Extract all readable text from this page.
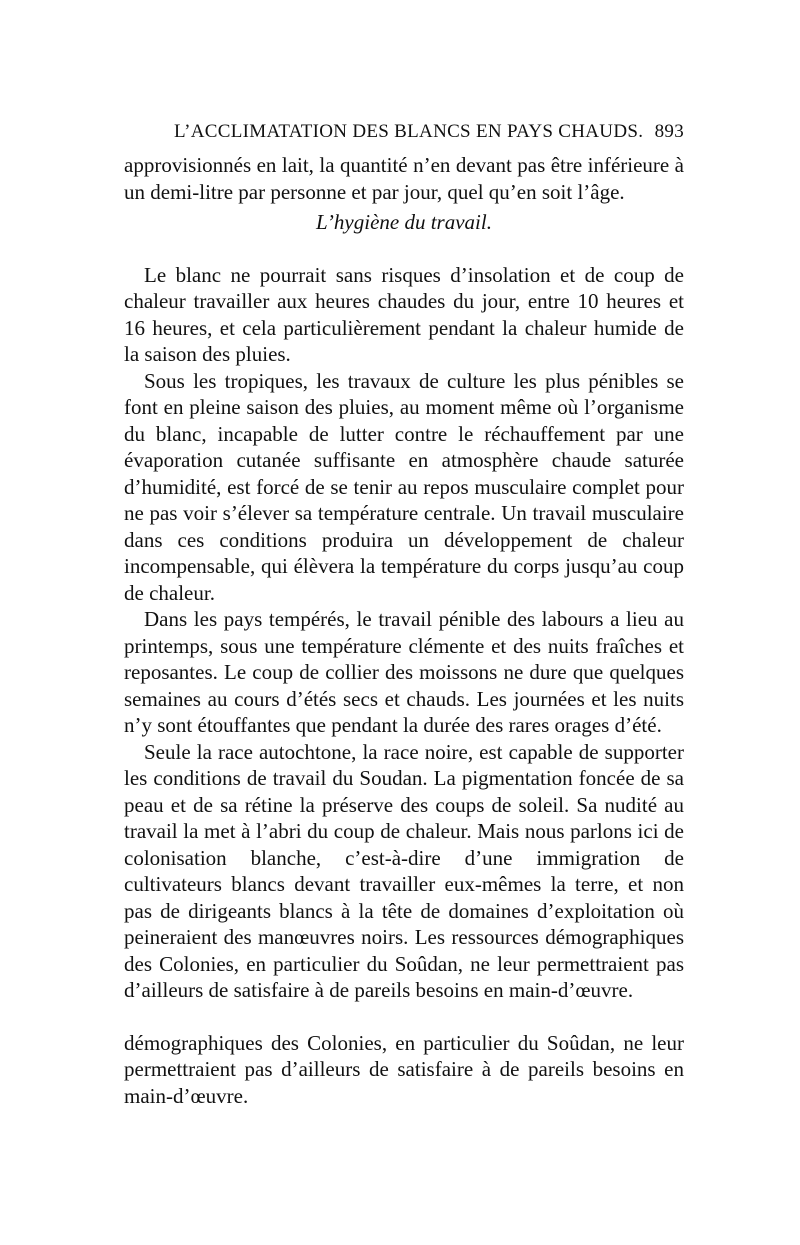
L’ACCLIMATATION DES BLANCS EN PAYS CHAUDS. 893

approvisionnés en lait, la quantité n’en devant pas être inférieure à un demi-litre par personne et par jour, quel qu’en soit l’âge.

L’hygiène du travail.

Le blanc ne pourrait sans risques d’insolation et de coup de chaleur travailler aux heures chaudes du jour, entre 10 heures et 16 heures, et cela particulièrement pendant la chaleur humide de la saison des pluies.

Sous les tropiques, les travaux de culture les plus pénibles se font en pleine saison des pluies, au moment même où l’organisme du blanc, incapable de lutter contre le réchauffement par une évaporation cutanée suffisante en atmosphère chaude saturée d’humidité, est forcé de se tenir au repos musculaire complet pour ne pas voir s’élever sa température centrale. Un travail musculaire dans ces conditions produira un développement de chaleur incompensable, qui élèvera la température du corps jusqu’au coup de chaleur.

Dans les pays tempérés, le travail pénible des labours a lieu au printemps, sous une température clémente et des nuits fraîches et reposantes. Le coup de collier des moissons ne dure que quelques semaines au cours d’étés secs et chauds. Les journées et les nuits n’y sont étouffantes que pendant la durée des rares orages d’été.

Seule la race autochtone, la race noire, est capable de supporter les conditions de travail du Soudan. La pigmentation foncée de sa peau et de sa rétine la préserve des coups de soleil. Sa nudité au travail la met à l’abri du coup de chaleur. Mais nous parlons ici de colonisation blanche, c’est-à-dire d’une immigration de cultivateurs blancs devant travailler eux-mêmes la terre, et non pas de dirigeants blancs à la tête de domaines d’exploitation où peineraient des manœuvres noirs. Les ressources démographiques des Colonies, en particulier du Soûdan, ne leur permettraient pas d’ailleurs de satisfaire à de pareils besoins en main-d’œuvre.

démographiques des Colonies, en particulier du Soûdan, ne leur permettraient pas d’ailleurs de satisfaire à de pareils besoins en main-d’œuvre.
